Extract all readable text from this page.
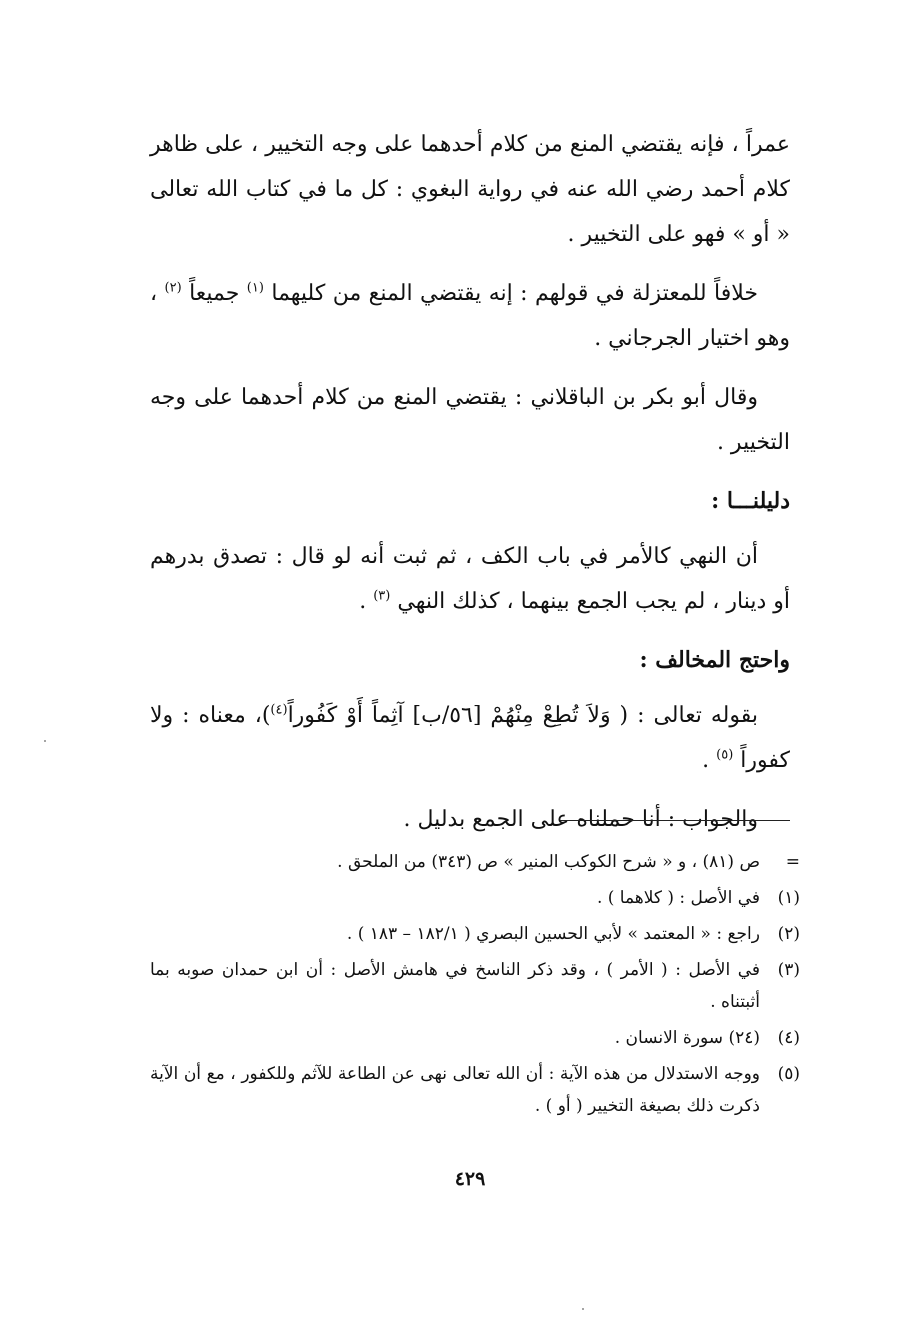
عمراً ، فإنه يقتضي المنع من كلام أحدهما على وجه التخيير ، على ظاهر كلام أحمد رضي الله عنه في رواية البغوي : كل ما في كتاب الله تعالى « أو » فهو على التخيير .

خلافاً للمعتزلة في قولهم : إنه يقتضي المنع من كليهما $^{(١)}$ جميعاً $^{(٢)}$ ، وهو اختيار الجرجاني .

وقال أبو بكر بن الباقلاني : يقتضي المنع من كلام أحدهما على وجه التخيير .

دليلنـــا :

أن النهي كالأمر في باب الكف ، ثم ثبت أنه لو قال : تصدق بدرهم أو دينار ، لم يجب الجمع بينهما ، كذلك النهي $^{(٣)}$ .

واحتج المخالف :

بقوله تعالى : ( وَلاَ تُطِعْ مِنْهُمْ [٥٦/ب] آثِماً أَوْ كَفُوراً$^{(٤)}$)، معناه : ولا كفوراً $^{(٥)}$ .

والجواب : أنا حملناه على الجمع بدليل .

=
ص (٨١) ، و « شرح الكوكب المنير » ص (٣٤٣) من الملحق .
(١)
في الأصل : ( كلاهما ) .
(٢)
راجع : « المعتمد » لأبي الحسين البصري ( ١٨٢/١ – ١٨٣ ) .
(٣)
في الأصل : ( الأمر ) ، وقد ذكر الناسخ في هامش الأصل : أن ابن حمدان صوبه بما أثبتناه .
(٤)
(٢٤) سورة الانسان .
(٥)
ووجه الاستدلال من هذه الآية : أن الله تعالى نهى عن الطاعة للآثم وللكفور ، مع أن الآية ذكرت ذلك بصيغة التخيير ( أو ) .
٤٢٩
